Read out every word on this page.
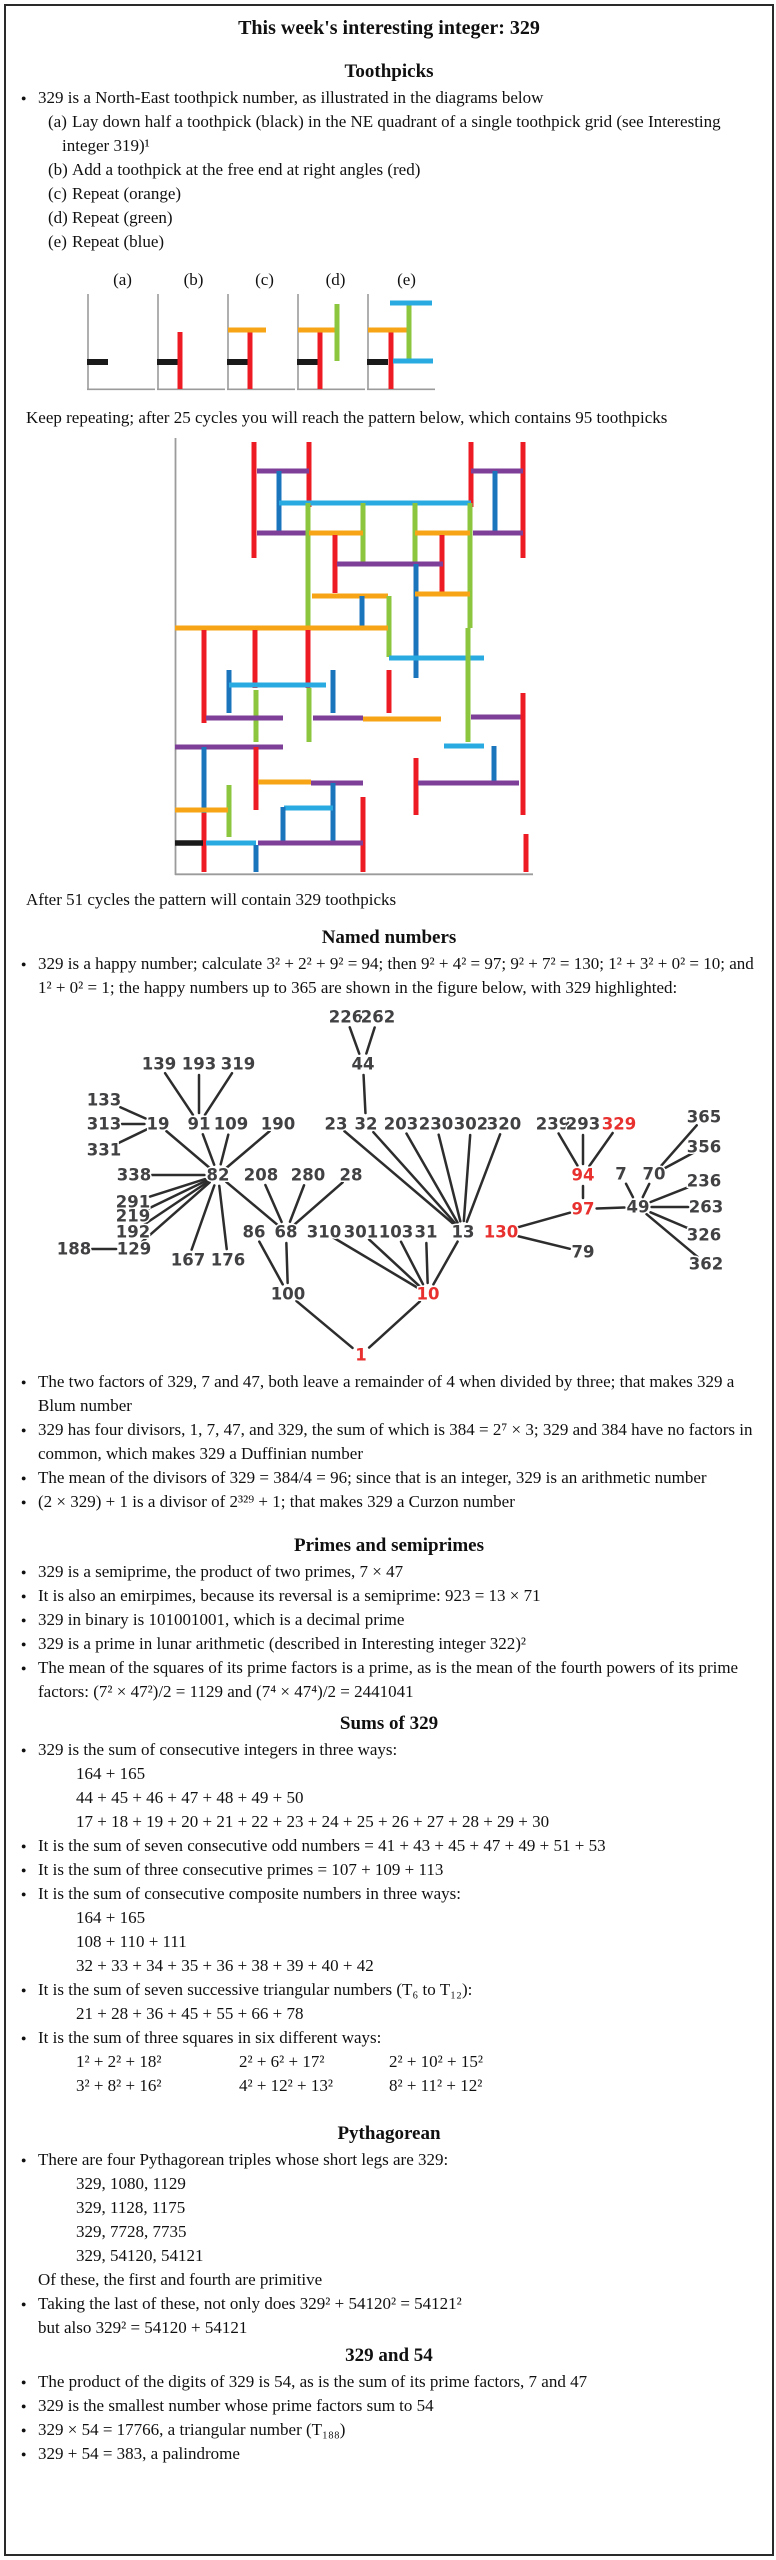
This week's interesting integer: 329
Toothpicks
● 329 is a North-East toothpick number, as illustrated in the diagrams below
(a) Lay down half a toothpick (black) in the NE quadrant of a single toothpick grid (see Interesting integer 319)¹
(b) Add a toothpick at the free end at right angles (red)
(c) Repeat (orange)
(d) Repeat (green)
(e) Repeat (blue)
(a)	(b)	(c)	(d)	(e)

Keep repeating; after 25 cycles you will reach the pattern below, which contains 95 toothpicks

After 51 cycles the pattern will contain 329 toothpicks

Named numbers
● 329 is a happy number; calculate 3² + 2² + 9² = 94; then 9² + 4² = 97; 9² + 7² = 130; 1² + 3² + 0² = 10; and 1² + 0² = 1; the happy numbers up to 365 are shown in the figure below, with 329 highlighted:
226
262
139 193 319	44
133
313
331
19 91 109 190 23 32 203 230 302
320 239
293 329	365
356
338	82 208 280 28	94 7 70 236
291
219
192
129
188
97 49 263
86 68 310 301 103 31 13 130	326
167 176	79
362
100	10
1
● The two factors of 329, 7 and 47, both leave a remainder of 4 when divided by three; that makes 329 a Blum number
● 329 has four divisors, 1, 7, 47, and 329, the sum of which is 384 = 2⁷ × 3; 329 and 384 have no factors in common, which makes 329 a Duffinian number
● The mean of the divisors of 329 = 384/4 = 96; since that is an integer, 329 is an arithmetic number
● (2 × 329) + 1 is a divisor of 2³²⁹ + 1; that makes 329 a Curzon number
Primes and semiprimes
● 329 is a semiprime, the product of two primes, 7 × 47
● It is also an emirpimes, because its reversal is a semiprime: 923 = 13 × 71
● 329 in binary is 101001001, which is a decimal prime
● 329 is a prime in lunar arithmetic (described in Interesting integer 322)²
● The mean of the squares of its prime factors is a prime, as is the mean of the fourth powers of its prime factors: (7² × 47²)/2 = 1129 and (7⁴ × 47⁴)/2 = 2441041
Sums of 329
● 329 is the sum of consecutive integers in three ways:
164 + 165
44 + 45 + 46 + 47 + 48 + 49 + 50
17 + 18 + 19 + 20 + 21 + 22 + 23 + 24 + 25 + 26 + 27 + 28 + 29 + 30
● It is the sum of seven consecutive odd numbers = 41 + 43 + 45 + 47 + 49 + 51 + 53
● It is the sum of three consecutive primes = 107 + 109 + 113
● It is the sum of consecutive composite numbers in three ways:
164 + 165
108 + 110 + 111
32 + 33 + 34 + 35 + 36 + 38 + 39 + 40 + 42
● It is the sum of seven successive triangular numbers (T₆ to T₁₂):
21 + 28 + 36 + 45 + 55 + 66 + 78
● It is the sum of three squares in six different ways:
1² + 2² + 18²	2² + 6² + 17²	2² + 10² + 15²
3² + 8² + 16²	4² + 12² + 13²	8² + 11² + 12²
Pythagorean
● There are four Pythagorean triples whose short legs are 329:
329, 1080, 1129
329, 1128, 1175
329, 7728, 7735
329, 54120, 54121
Of these, the first and fourth are primitive
● Taking the last of these, not only does 329² + 54120² = 54121²
but also 329² = 54120 + 54121
329 and 54
● The product of the digits of 329 is 54, as is the sum of its prime factors, 7 and 47
● 329 is the smallest number whose prime factors sum to 54
● 329 × 54 = 17766, a triangular number (T₁₈₈)
● 329 + 54 = 383, a palindrome
